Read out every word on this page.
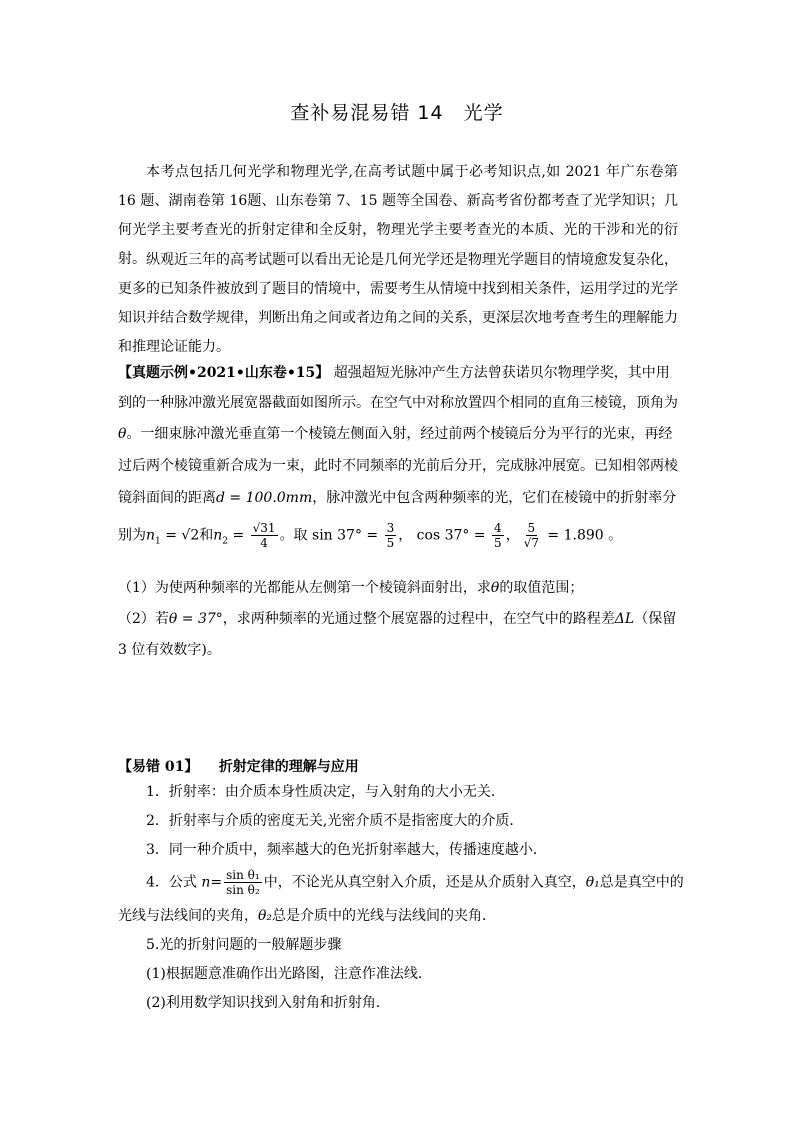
查补易混易错 14　光学
本考点包括几何光学和物理光学,在高考试题中属于必考知识点,如 2021 年广东卷第 16 题、湖南卷第 16题、山东卷第 7、15 题等全国卷、新高考省份都考查了光学知识；几何光学主要考查光的折射定律和全反射，物理光学主要考查光的本质、光的干涉和光的衍射。 纵观近三年的高考试题可以看出无论是几何光学还是物理光学题目的情境愈发复杂化，更多的已知条件被放到了题目的情境中，需要考生从情境中找到相关条件，运用学过的光学知识并结合数学规律，判断出角之间或者边角之间的关系，更深层次地考查考生的理解能力和推理论证能力。
【真题示例•2021•山东卷•15】 超强超短光脉冲产生方法曾获诺贝尔物理学奖，其中用
到的一种脉冲激光展宽器截面如图所示。在空气中对称放置四个相同的直角三棱镜，顶角为
θ。一细束脉冲激光垂直第一个棱镜左侧面入射，经过前两个棱镜后分为平行的光束，再经
过后两个棱镜重新合成为一束，此时不同频率的光前后分开，完成脉冲展宽。已知相邻两棱
镜斜面间的距离d = 100.0mm，脉冲激光中包含两种频率的光，它们在棱镜中的折射率分
别为$n_1 = √2$和$n_2 = \frac{√31}{4}$ 。取 $\sin 37^\circ = \frac{3}{5}$ ， $\cos 37^\circ = \frac{4}{5}$ ， $\frac{5}{√7} = 1.890$ 。
（1）为使两种频率的光都能从左侧第一个棱镜斜面射出，求θ的取值范围；
（2）若θ = 37°，求两种频率的光通过整个展宽器的过程中，在空气中的路程差ΔL（保留
3 位有效数字)。
【易错 01】 折射定律的理解与应用
1．折射率：由介质本身性质决定，与入射角的大小无关．
2．折射率与介质的密度无关,光密介质不是指密度大的介质．
3．同一种介质中，频率越大的色光折射率越大，传播速度越小．
4．公式 $n= \frac{\text{sin θ₁}}{\text{sin θ₂}}$ 中，不论光从真空射入介质，还是从介质射入真空，θ₁总是真空中的
光线与法线间的夹角，θ₂总是介质中的光线与法线间的夹角．
5.光的折射问题的一般解题步骤
(1)根据题意准确作出光路图，注意作准法线．
(2)利用数学知识找到入射角和折射角．
